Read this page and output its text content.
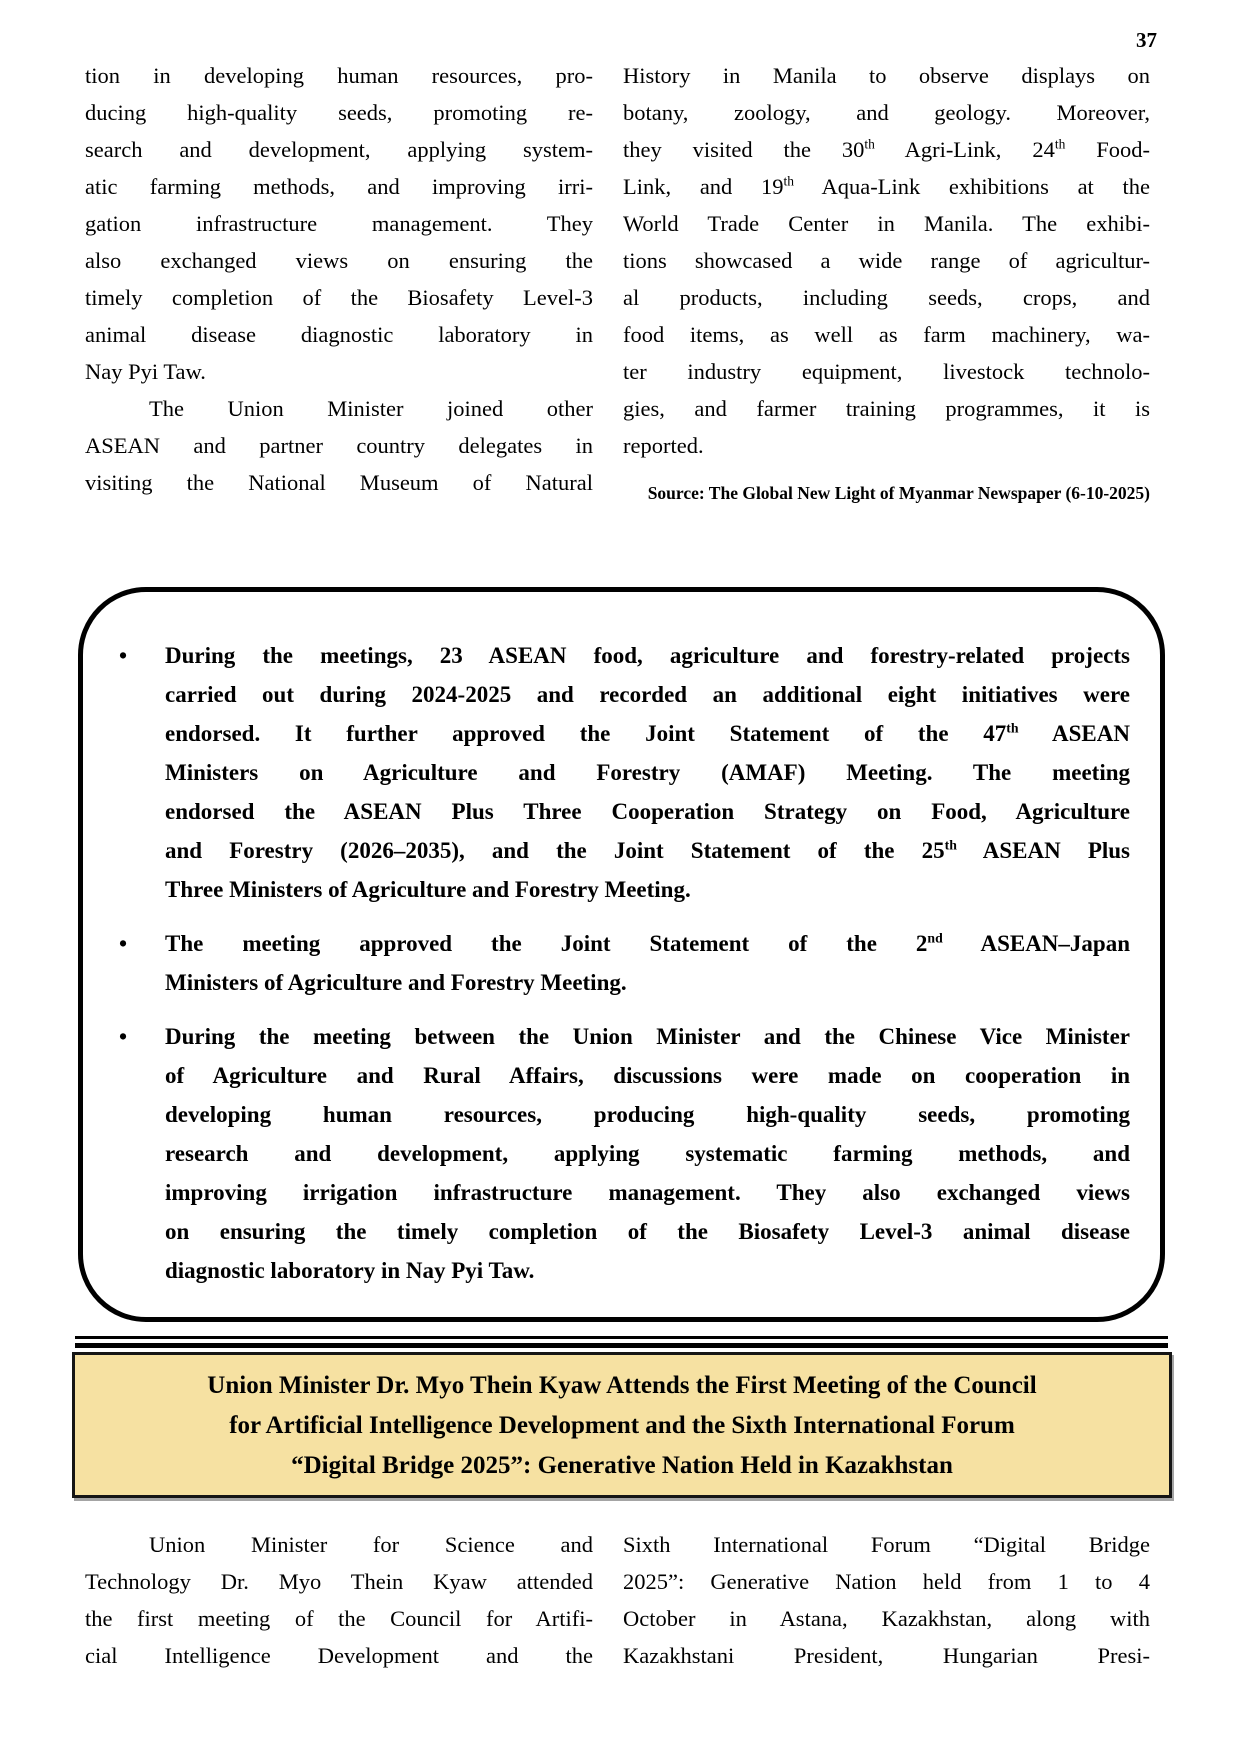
37
tion in developing human resources, pro-
ducing high-quality seeds, promoting re-
search and development, applying system-
atic farming methods, and improving irri-
gation infrastructure management. They
also exchanged views on ensuring the
timely completion of the Biosafety Level-3
animal disease diagnostic laboratory in
Nay Pyi Taw.
The Union Minister joined other
ASEAN and partner country delegates in
visiting the National Museum of Natural
History in Manila to observe displays on
botany, zoology, and geology. Moreover,
they visited the 30th Agri-Link, 24th Food-
Link, and 19th Aqua-Link exhibitions at the
World Trade Center in Manila. The exhibi-
tions showcased a wide range of agricultur-
al products, including seeds, crops, and
food items, as well as farm machinery, wa-
ter industry equipment, livestock technolo-
gies, and farmer training programmes, it is
reported.
Source: The Global New Light of Myanmar Newspaper (6-10-2025)
• During the meetings, 23 ASEAN food, agriculture and forestry-related projects
carried out during 2024-2025 and recorded an additional eight initiatives were
endorsed. It further approved the Joint Statement of the 47th ASEAN
Ministers on Agriculture and Forestry (AMAF) Meeting. The meeting
endorsed the ASEAN Plus Three Cooperation Strategy on Food, Agriculture
and Forestry (2026–2035), and the Joint Statement of the 25th ASEAN Plus
Three Ministers of Agriculture and Forestry Meeting.
• The meeting approved the Joint Statement of the 2nd ASEAN–Japan
Ministers of Agriculture and Forestry Meeting.
• During the meeting between the Union Minister and the Chinese Vice Minister
of Agriculture and Rural Affairs, discussions were made on cooperation in
developing human resources, producing high-quality seeds, promoting
research and development, applying systematic farming methods, and
improving irrigation infrastructure management. They also exchanged views
on ensuring the timely completion of the Biosafety Level-3 animal disease
diagnostic laboratory in Nay Pyi Taw.
Union Minister Dr. Myo Thein Kyaw Attends the First Meeting of the Council
for Artificial Intelligence Development and the Sixth International Forum
“Digital Bridge 2025”: Generative Nation Held in Kazakhstan
Union Minister for Science and
Technology Dr. Myo Thein Kyaw attended
the first meeting of the Council for Artifi-
cial Intelligence Development and the
Sixth International Forum “Digital Bridge
2025”: Generative Nation held from 1 to 4
October in Astana, Kazakhstan, along with
Kazakhstani President, Hungarian Presi-
